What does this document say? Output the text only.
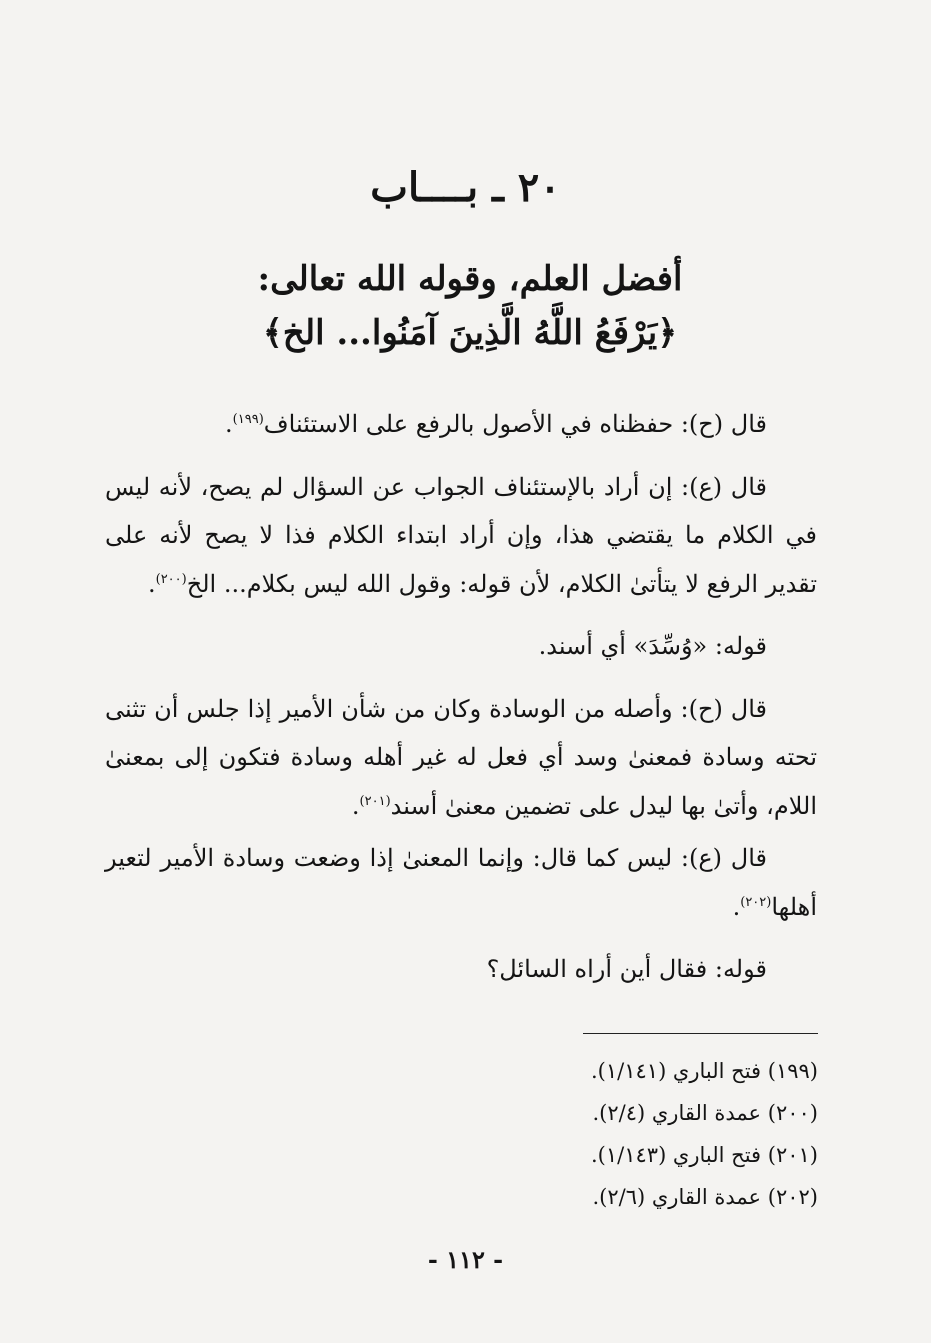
٢٠ ـ بــــاب
أفضل العلم، وقوله الله تعالى:
﴿يَرْفَعُ اللَّهُ الَّذِينَ آمَنُوا... الخ﴾

قال (ح): حفظناه في الأصول بالرفع على الاستئناف$^{(١٩٩)}$.

قال (ع): إن أراد بالإستئناف الجواب عن السؤال لم يصح، لأنه ليس في الكلام ما يقتضي هذا، وإن أراد ابتداء الكلام فذا لا يصح لأنه على تقدير الرفع لا يتأتىٰ الكلام، لأن قوله: وقول الله ليس بكلام... الخ$^{(٢٠٠)}$.

قوله: «وُسِّدَ» أي أسند.

قال (ح): وأصله من الوسادة وكان من شأن الأمير إذا جلس أن تثنى تحته وسادة فمعنىٰ وسد أي فعل له غير أهله وسادة فتكون إلى بمعنىٰ اللام، وأتىٰ بها ليدل على تضمين معنىٰ أسند$^{(٢٠١)}$.

قال (ع): ليس كما قال: وإنما المعنىٰ إذا وضعت وسادة الأمير لتعير أهلها$^{(٢٠٢)}$.

قوله: فقال أين أراه السائل؟

(١٩٩) فتح الباري (١/١٤١).
(٢٠٠) عمدة القاري (٢/٤).
(٢٠١) فتح الباري (١/١٤٣).
(٢٠٢) عمدة القاري (٢/٦).
- ١١٢ -
